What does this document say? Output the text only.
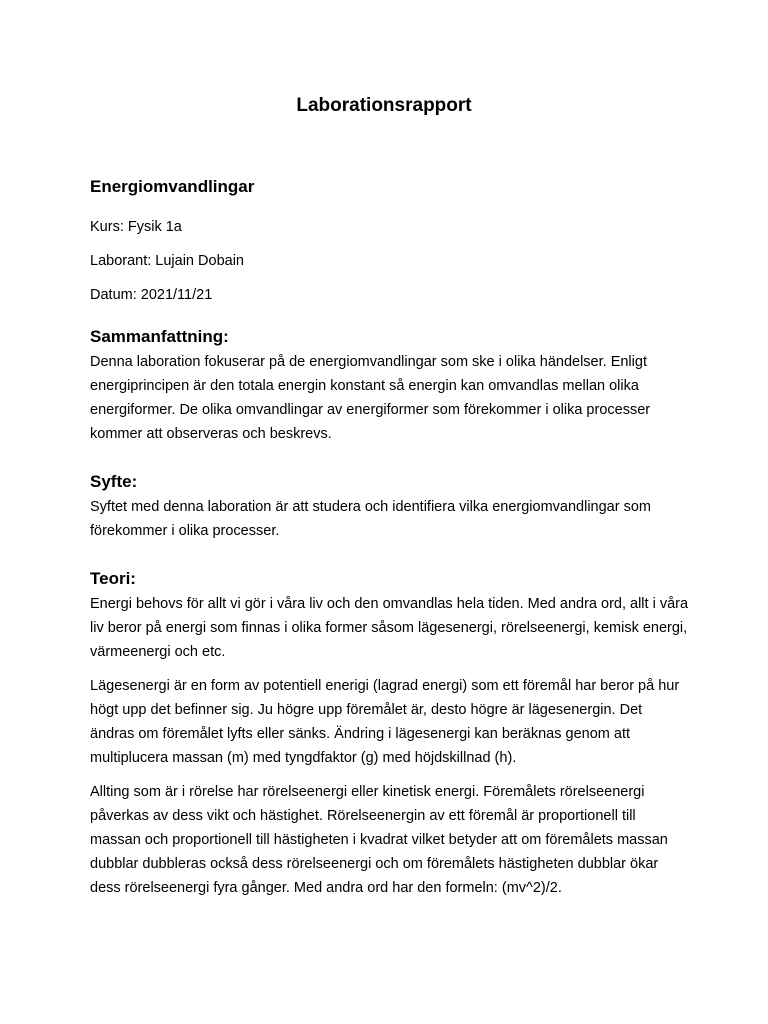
Laborationsrapport
Energiomvandlingar

Kurs: Fysik 1a

Laborant: Lujain Dobain

Datum: 2021/11/21

Sammanfattning:

Denna laboration fokuserar på de energiomvandlingar som ske i olika händelser. Enligt energiprincipen är den totala energin konstant så energin kan omvandlas mellan olika energiformer. De olika omvandlingar av energiformer som förekommer i olika processer kommer att observeras och beskrevs.

Syfte:

Syftet med denna laboration är att studera och identifiera vilka energiomvandlingar som förekommer i olika processer.

Teori:

Energi behovs för allt vi gör i våra liv och den omvandlas hela tiden. Med andra ord, allt i våra liv beror på energi som finnas i olika former såsom lägesenergi, rörelseenergi, kemisk energi, värmeenergi och etc.

Lägesenergi är en form av potentiell enerigi (lagrad energi) som ett föremål har beror på hur högt upp det befinner sig. Ju högre upp föremålet är, desto högre är lägesenergin. Det ändras om föremålet lyfts eller sänks. Ändring i lägesenergi kan beräknas genom att multiplucera massan (m) med tyngdfaktor (g) med höjdskillnad (h).

Allting som är i rörelse har rörelseenergi eller kinetisk energi. Föremålets rörelseenergi påverkas av dess vikt och hästighet. Rörelseenergin av ett föremål är proportionell till massan och proportionell till hästigheten i kvadrat vilket betyder att om föremålets massan dubblar dubbleras också dess rörelseenergi och om föremålets hästigheten dubblar ökar dess rörelseenergi fyra gånger. Med andra ord har den formeln: (mv^2)/2.
